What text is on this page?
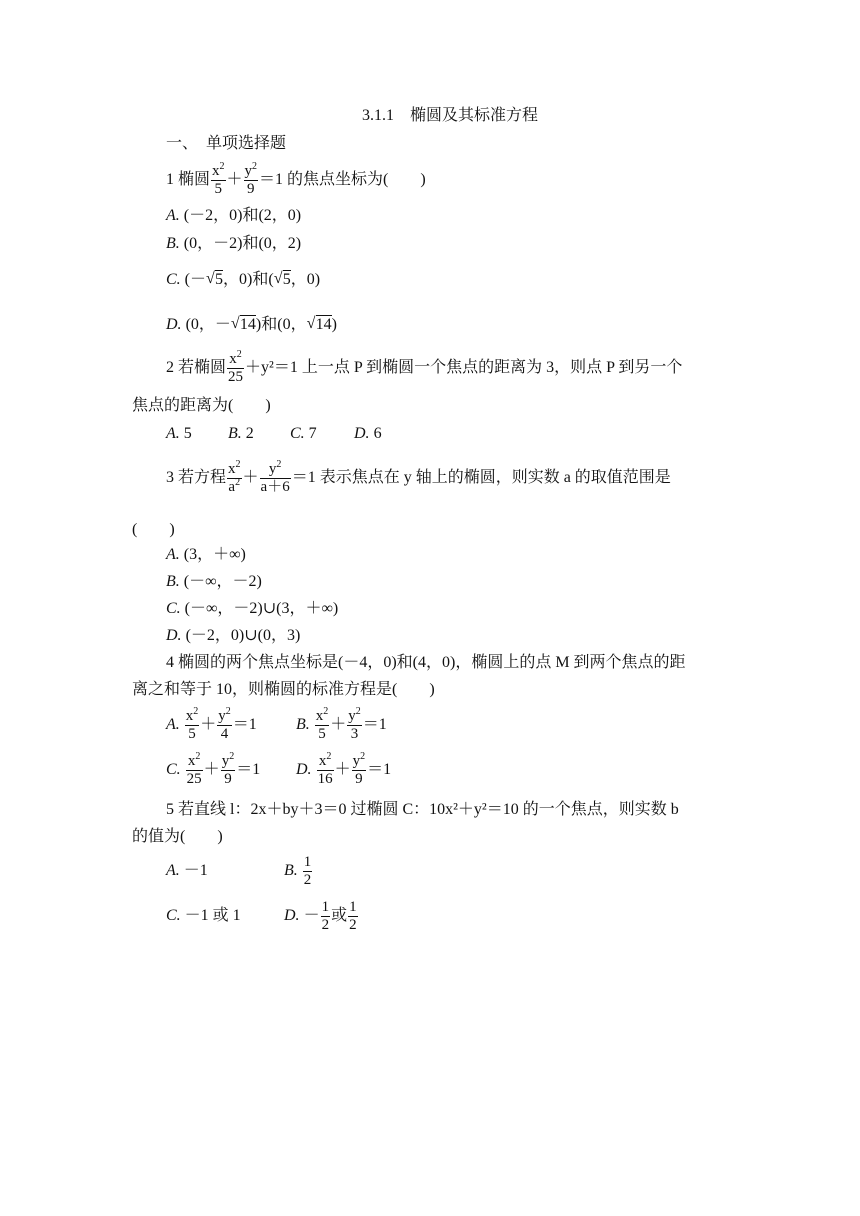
3.1.1　椭圆及其标准方程
一、　单项选择题
1 椭圆 $\frac{x^2}{5} + \frac{y^2}{9} =1$ 的焦点坐标为(　　)
A. (－2，0)和(2，0)
B. (0，－2)和(0，2)
C. (－ √ 5，0)和( √ 5，0)
D. (0，－ √ 14)和(0， √ 14)
2 若椭圆 $\frac{x^2}{25} +y^2=1$ 上一点 P 到椭圆一个焦点的距离为 3，则点 P 到另一个
焦点的距离为(　　)
A. 5 B. 2 C. 7 D. 6
3 若方程 $\frac{x^2}{a^2} + \frac{y^2}{a+6} =1$ 表示焦点在 y 轴上的椭圆，则实数 a 的取值范围是
(　　)
A. (3，＋∞)
B. (－∞，－2)
C. (－∞，－2)∪(3，＋∞)
D. (－2，0)∪(0，3)
4 椭圆的两个焦点坐标是(－4，0)和(4，0)，椭圆上的点 M 到两个焦点的距
离之和等于 10，则椭圆的标准方程是(　　)
A. $\frac{x^2}{5} + \frac{y^2}{4} =1$ B. $\frac{x^2}{5} + \frac{y^2}{3} =1$
C. $\frac{x^2}{25} + \frac{y^2}{9} =1$ D. $\frac{x^2}{16} + \frac{y^2}{9} =1$
5 若直线 l：2x＋by＋3＝0 过椭圆 C：10x²＋y²＝10 的一个焦点，则实数 b
的值为(　　)
A. －1	B. $\frac{1}{2}$
C. －1 或 1	D. － $\frac{1}{2}$ 或 $\frac{1}{2}$
